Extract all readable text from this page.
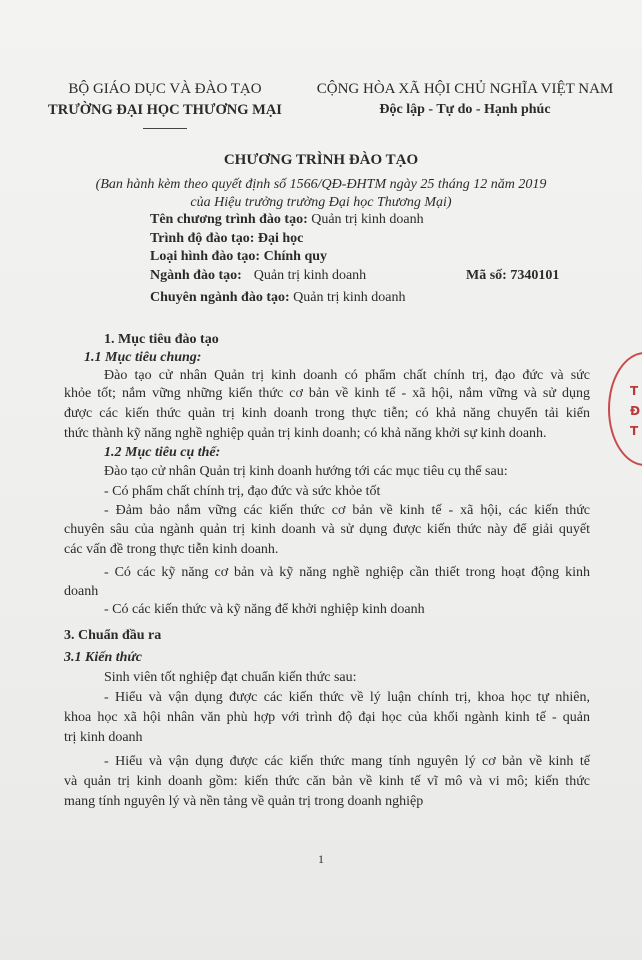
BỘ GIÁO DỤC VÀ ĐÀO TẠO
TRƯỜNG ĐẠI HỌC THƯƠNG MẠI
CỘNG HÒA XÃ HỘI CHỦ NGHĨA VIỆT NAM
Độc lập - Tự do - Hạnh phúc
CHƯƠNG TRÌNH ĐÀO TẠO
(Ban hành kèm theo quyết định số 1566/QĐ-ĐHTM ngày 25 tháng 12 năm 2019
của Hiệu trưởng trường Đại học Thương Mại)
Tên chương trình đào tạo: Quản trị kinh doanh
Trình độ đào tạo: Đại học
Loại hình đào tạo: Chính quy
Ngành đào tạo: Quản trị kinh doanh	Mã số: 7340101
Chuyên ngành đào tạo: Quản trị kinh doanh
1. Mục tiêu đào tạo
1.1 Mục tiêu chung:
Đào tạo cử nhân Quản trị kinh doanh có phẩm chất chính trị, đạo đức và sức
khỏe tốt; nắm vững những kiến thức cơ bản về kinh tế - xã hội, nắm vững và sử dụng
được các kiến thức quản trị kinh doanh trong thực tiễn; có khả năng chuyển tải kiến
thức thành kỹ năng nghề nghiệp quản trị kinh doanh; có khả năng khởi sự kinh doanh.
1.2 Mục tiêu cụ thể:
Đào tạo cử nhân Quản trị kinh doanh hướng tới các mục tiêu cụ thể sau:
- Có phẩm chất chính trị, đạo đức và sức khỏe tốt
- Đảm bảo nắm vững các kiến thức cơ bản về kinh tế - xã hội, các kiến thức
chuyên sâu của ngành quản trị kinh doanh và sử dụng được kiến thức này để giải quyết
các vấn đề trong thực tiễn kinh doanh.
- Có các kỹ năng cơ bản và kỹ năng nghề nghiệp cần thiết trong hoạt động kinh
doanh
- Có các kiến thức và kỹ năng để khởi nghiệp kinh doanh
3. Chuẩn đầu ra
3.1 Kiến thức
Sinh viên tốt nghiệp đạt chuẩn kiến thức sau:
- Hiểu và vận dụng được các kiến thức về lý luận chính trị, khoa học tự nhiên,
khoa học xã hội nhân văn phù hợp với trình độ đại học của khối ngành kinh tế - quản
trị kinh doanh
- Hiểu và vận dụng được các kiến thức mang tính nguyên lý cơ bản về kinh tế
và quản trị kinh doanh gồm: kiến thức căn bản về kinh tế vĩ mô và vi mô; kiến thức
mang tính nguyên lý và nền tảng về quản trị trong doanh nghiệp
1
T
Đ
T
